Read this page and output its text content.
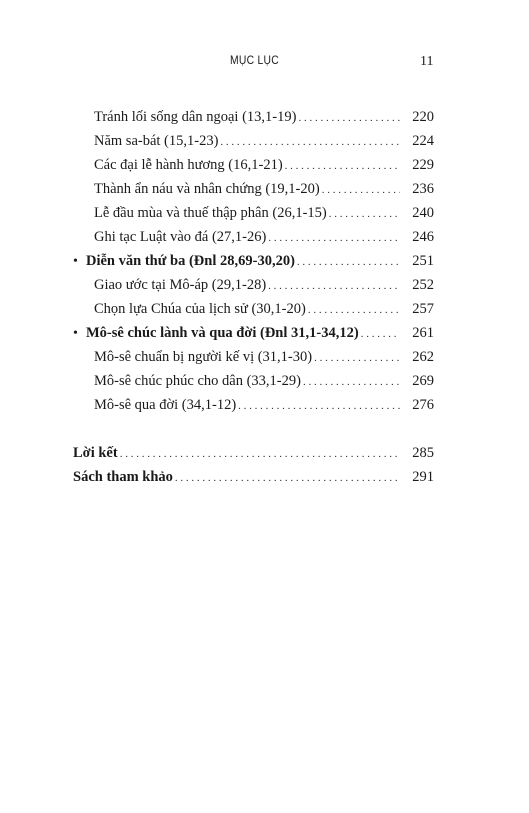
MỤC LỤC	11
Tránh lối sống dân ngoại (13,1-19) . . .	220
Năm sa-bát (15,1-23) . . .	224
Các đại lễ hành hương (16,1-21) . . .	229
Thành ẩn náu và nhân chứng (19,1-20) . . .	236
Lễ đầu mùa và thuế thập phân (26,1-15) . . .	240
Ghi tạc Luật vào đá (27,1-26) . . .	246
• Diễn văn thứ ba (Đnl 28,69-30,20) . . .	251
Giao ước tại Mô-áp (29,1-28) . . .	252
Chọn lựa Chúa của lịch sử (30,1-20) . . .	257
• Mô-sê chúc lành và qua đời (Đnl 31,1-34,12) . . .	261
Mô-sê chuẩn bị người kế vị (31,1-30) . . .	262
Mô-sê chúc phúc cho dân (33,1-29) . . .	269
Mô-sê qua đời (34,1-12) . . .	276
Lời kết . . .	285
Sách tham khảo . . .	291
